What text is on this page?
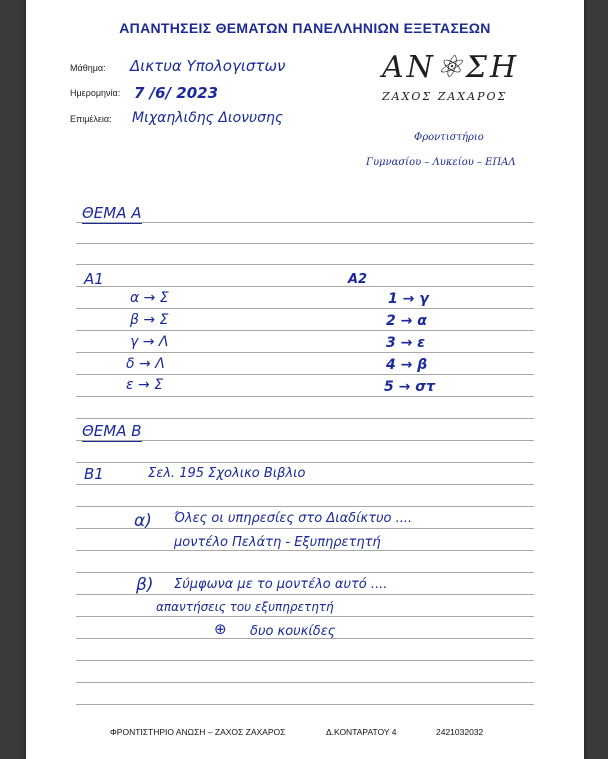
ΑΠΑΝΤΗΣΕΙΣ ΘΕΜΑΤΩΝ ΠΑΝΕΛΛΗΝΙΩΝ ΕΞΕΤΑΣΕΩΝ
Μάθημα: Δικτυα Υπολογιστων
Ημερομηνία: 7 /6/ 2023
Επιμέλεια: Μιχαηλιδης Διονυσης
ΑΝ⚛ΣΗ
ΖΑΧΟΣ ΖΑΧΑΡΟΣ
Φροντιστήριο
Γυμνασίου – Λυκείου – ΕΠΑΛ
ΘΕΜΑ Α
Α1
α → Σ
β → Σ
γ → Λ
δ → Λ
ε → Σ
Α2
1 → γ
2 → α
3 → ε
4 → β
5 → στ
ΘΕΜΑ Β
Β1	Σελ. 195 Σχολικο Βιβλιο
α) Όλες οι υπηρεσίες στο Διαδίκτυο ....
μοντέλο Πελάτη - Εξυπηρετητή
β) Σύμφωνα με το μοντέλο αυτό ....
απαντήσεις του εξυπηρετητή
⊕ δυο κουκίδες
ΦΡΟΝΤΙΣΤΗΡΙΟ ΑΝΩΣΗ – ΖΑΧΟΣ ΖΑΧΑΡΟΣ	Δ.ΚΟΝΤΑΡΑΤΟΥ 4	2421032032
